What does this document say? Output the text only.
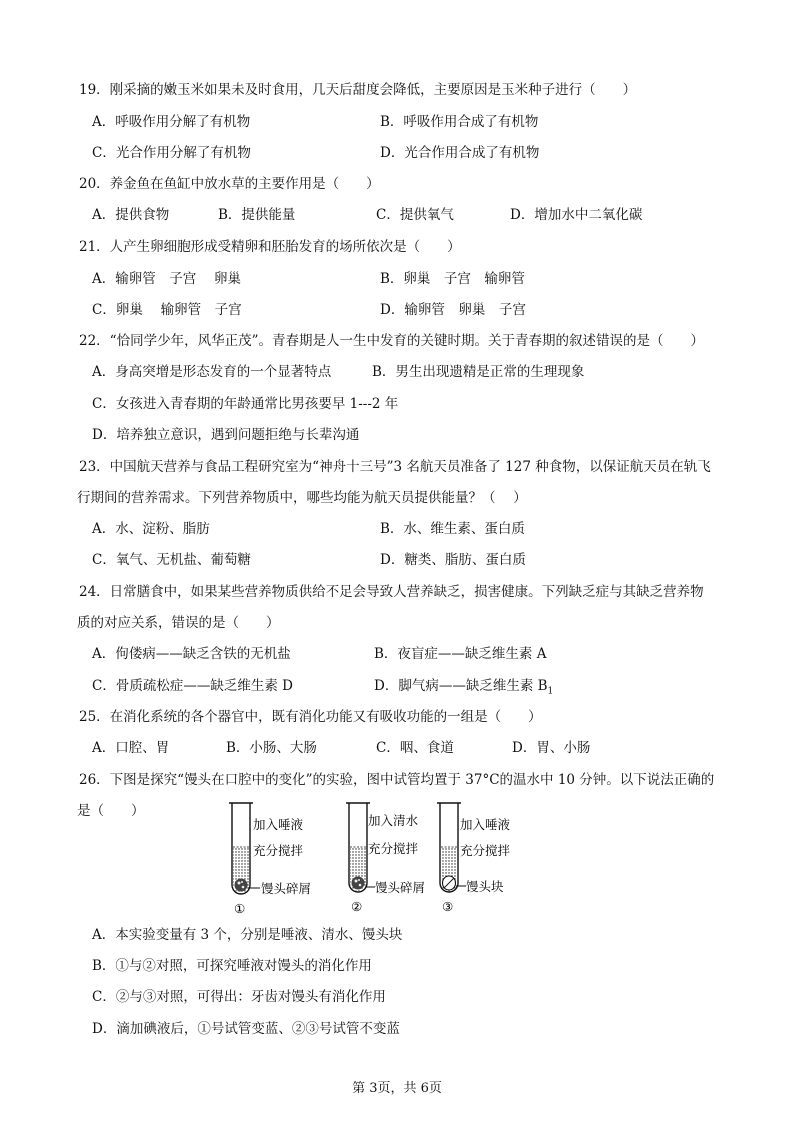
19．刚采摘的嫩玉米如果未及时食用，几天后甜度会降低，主要原因是玉米种子进行（　　）
A．呼吸作用分解了有机物	B．呼吸作用合成了有机物
C．光合作用分解了有机物	D．光合作用合成了有机物
20．养金鱼在鱼缸中放水草的主要作用是（　　）
A．提供食物	B．提供能量	C．提供氧气	D．增加水中二氧化碳
21．人产生卵细胞形成受精卵和胚胎发育的场所依次是（　　）
A．输卵管　子宫　 卵巢	B．卵巢　子宫　输卵管
C．卵巢　 输卵管　子宫	D．输卵管　卵巢　子宫
22．“恰同学少年，风华正茂”。青春期是人一生中发育的关键时期。关于青春期的叙述错误的是（　　）
A．身高突增是形态发育的一个显著特点	B．男生出现遗精是正常的生理现象
C．女孩进入青春期的年龄通常比男孩要早 1---2 年
D．培养独立意识，遇到问题拒绝与长辈沟通
23．中国航天营养与食品工程研究室为“神舟十三号”3 名航天员准备了 127 种食物，以保证航天员在轨飞
行期间的营养需求。下列营养物质中，哪些均能为航天员提供能量？（　 ）
A．水、淀粉、脂肪	B．水、维生素、蛋白质
C．氧气、无机盐、葡萄糖	D．糖类、脂肪、蛋白质
24．日常膳食中，如果某些营养物质供给不足会导致人营养缺乏，损害健康。下列缺乏症与其缺乏营养物
质的对应关系，错误的是（　　）
A．佝偻病——缺乏含铁的无机盐	B．夜盲症——缺乏维生素 A
C．骨质疏松症——缺乏维生素 D	D．脚气病——缺乏维生素 $B_1$
25．在消化系统的各个器官中，既有消化功能又有吸收功能的一组是（　　）
A．口腔、胃	B．小肠、大肠	C．咽、食道	D．胃、小肠
26．下图是探究“馒头在口腔中的变化”的实验，图中试管均置于 37°C的温水中 10 分钟。以下说法正确的
是（　　）
加入唾液
充分搅拌
馒头碎屑
①
加入清水
充分搅拌
馒头碎屑
②
加入唾液
充分搅拌
馒头块
③
A．本实验变量有 3 个，分别是唾液、清水、馒头块
B．①与②对照，可探究唾液对馒头的消化作用
C．②与③对照，可得出：牙齿对馒头有消化作用
D．滴加碘液后，①号试管变蓝、②③号试管不变蓝
第 3页，共 6页
